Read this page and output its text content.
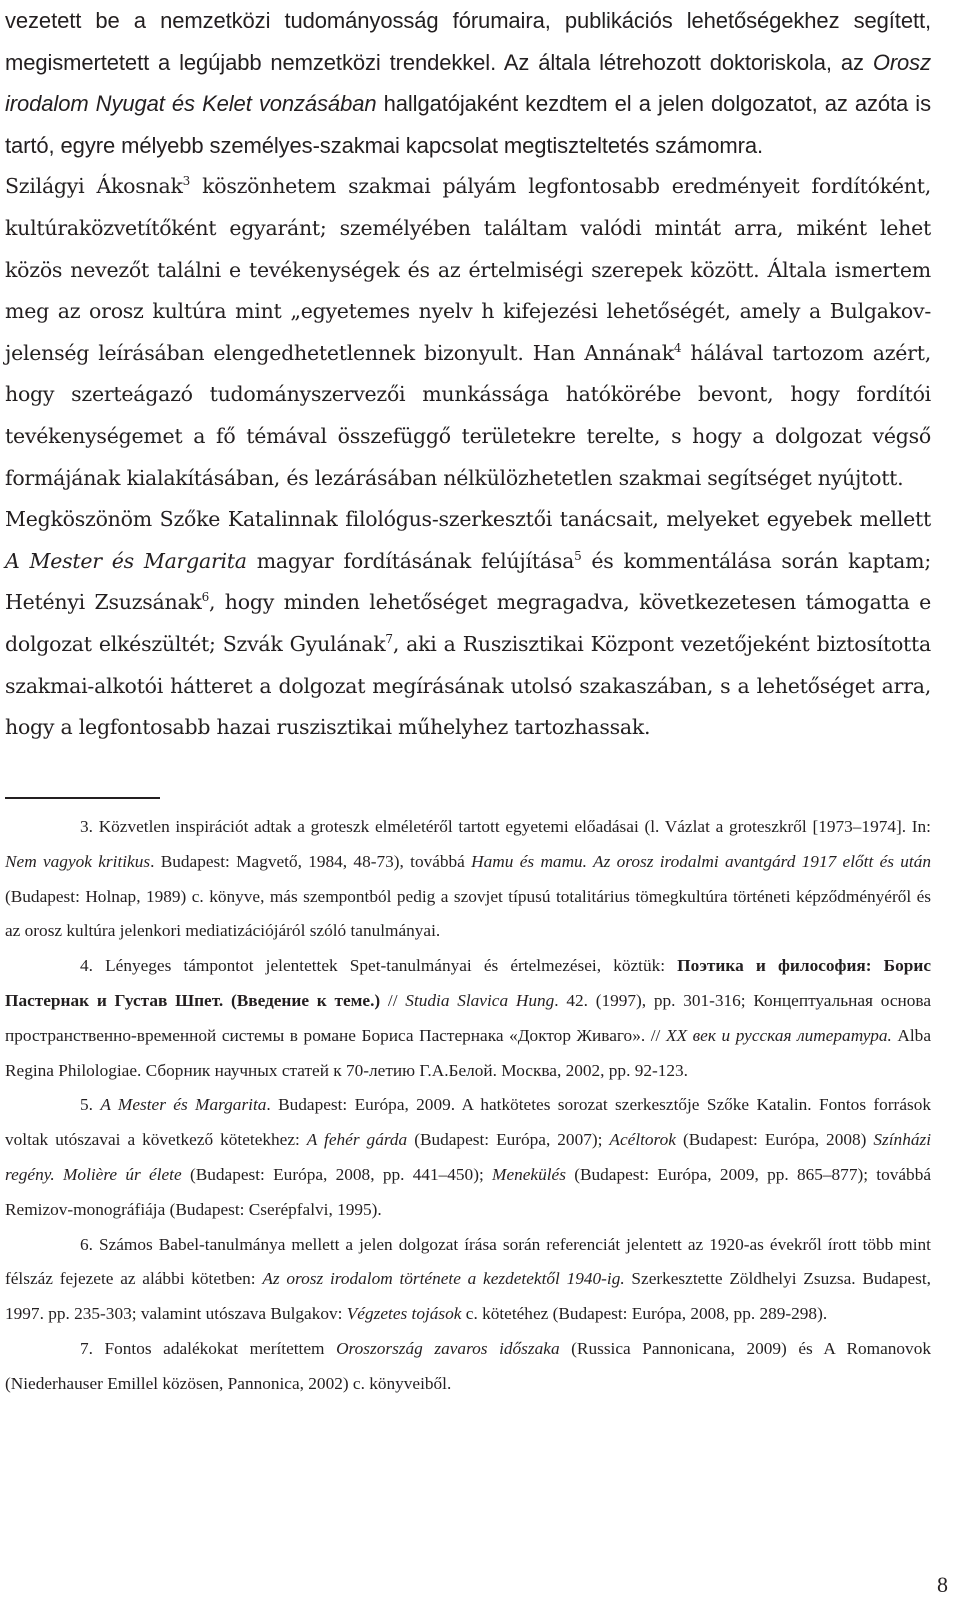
vezetett be a nemzetközi tudományosság fórumaira, publikációs lehetőségekhez segített, megismertetett a legújabb nemzetközi trendekkel. Az általa létrehozott doktoriskola, az Orosz irodalom Nyugat és Kelet vonzásában hallgatójaként kezdtem el a jelen dolgozatot, az azóta is tartó, egyre mélyebb személyes-szakmai kapcsolat megtiszteltetés számomra.

Szilágyi Ákosnak$^3$ köszönhetem szakmai pályám legfontosabb eredményeit fordítóként, kultúraközvetítőként egyaránt; személyében találtam valódi mintát arra, miként lehet közös nevezőt találni e tevékenységek és az értelmiségi szerepek között. Általa ismertem meg az orosz kultúra mint „egyetemes nyelv h kifejezési lehetőségét, amely a Bulgakov-jelenség leírásában elengedhetetlennek bizonyult. Han Annának$^4$ hálával tartozom azért, hogy szerteágazó tudományszervezői munkássága hatókörébe bevont, hogy fordítói tevékenységemet a fő témával összefüggő területekre terelte, s hogy a dolgozat végső formájának kialakításában, és lezárásában nélkülözhetetlen szakmai segítséget nyújtott.

Megköszönöm Szőke Katalinnak filológus-szerkesztői tanácsait, melyeket egyebek mellett A Mester és Margarita magyar fordításának felújítása$^5$ és kommentálása során kaptam; Hetényi Zsuzsának$^6$, hogy minden lehetőséget megragadva, következetesen támogatta e dolgozat elkészültét; Szvák Gyulának$^7$, aki a Ruszisztikai Központ vezetőjeként biztosította szakmai-alkotói hátteret a dolgozat megírásának utolsó szakaszában, s a lehetőséget arra, hogy a legfontosabb hazai ruszisztikai műhelyhez tartozhassak.

3. Közvetlen inspirációt adtak a groteszk elméletéről tartott egyetemi előadásai (l. Vázlat a groteszkről [1973–1974]. In: Nem vagyok kritikus. Budapest: Magvető, 1984, 48-73), továbbá Hamu és mamu. Az orosz irodalmi avantgárd 1917 előtt és után (Budapest: Holnap, 1989) c. könyve, más szempontból pedig a szovjet típusú totalitárius tömegkultúra történeti képződményéről és az orosz kultúra jelenkori mediatizációjáról szóló tanulmányai.

4. Lényeges támpontot jelentettek Spet-tanulmányai és értelmezései, köztük: Поэтика и философия: Борис Пастернак и Густав Шпет. (Введение к теме.) // Studia Slavica Hung. 42. (1997), pp. 301-316; Концептуальная основа пространственно-временной системы в романе Бориса Пастернака «Доктор Живаго». // XX век и русская литература. Alba Regina Philologiae. Сборник научных статей к 70-летию Г.А.Белой. Москва, 2002, pp. 92-123.

5. A Mester és Margarita. Budapest: Európa, 2009. A hatkötetes sorozat szerkesztője Szőke Katalin. Fontos források voltak utószavai a következő kötetekhez: A fehér gárda (Budapest: Európa, 2007); Acéltorok (Budapest: Európa, 2008) Színházi regény. Molière úr élete (Budapest: Európa, 2008, pp. 441–450); Menekülés (Budapest: Európa, 2009, pp. 865–877); továbbá Remizov-monográfiája (Budapest: Cserépfalvi, 1995).

6. Számos Babel-tanulmánya mellett a jelen dolgozat írása során referenciát jelentett az 1920-as évekről írott több mint félszáz fejezete az alábbi kötetben: Az orosz irodalom története a kezdetektől 1940-ig. Szerkesztette Zöldhelyi Zsuzsa. Budapest, 1997. pp. 235-303; valamint utószava Bulgakov: Végzetes tojások c. kötetéhez (Budapest: Európa, 2008, pp. 289-298).

7. Fontos adalékokat merítettem Oroszország zavaros időszaka (Russica Pannonicana, 2009) és A Romanovok (Niederhauser Emillel közösen, Pannonica, 2002) c. könyveiből.

8
